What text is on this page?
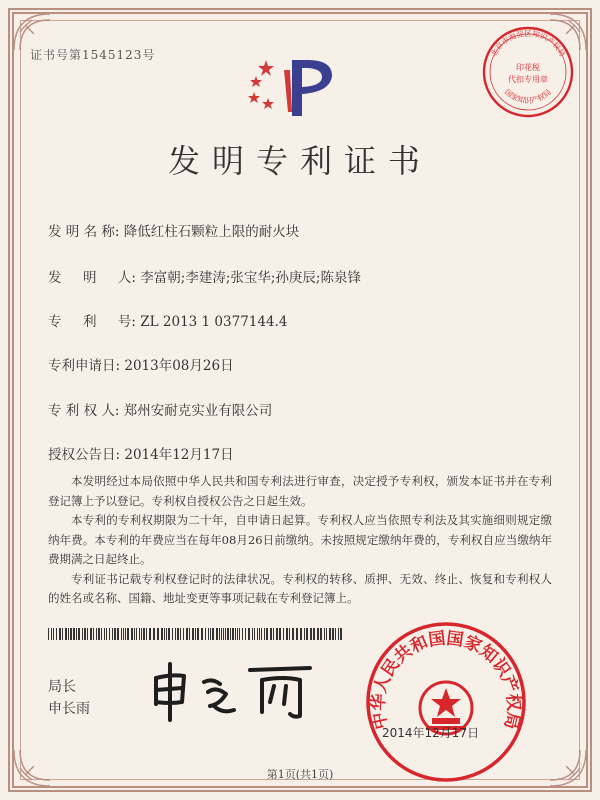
证书号第1545123号	北京市海淀区知识产权局
印花税
代扣专用章
国家知识产权局
发明专利证书
发 明 名 称: 降低红柱石颗粒上限的耐火块
发     明     人: 李富朝;李建涛;张宝华;孙庚辰;陈泉锋
专     利     号: ZL 2013 1 0377144.4
专利申请日: 2013年08月26日
专 利 权 人: 郑州安耐克实业有限公司
授权公告日: 2014年12月17日

本发明经过本局依照中华人民共和国专利法进行审查，决定授予专利权，颁发本证书并在专利登记簿上予以登记。专利权自授权公告之日起生效。

本专利的专利权期限为二十年，自申请日起算。专利权人应当依照专利法及其实施细则规定缴纳年费。本专利的年费应当在每年08月26日前缴纳。未按照规定缴纳年费的，专利权自应当缴纳年费期满之日起终止。

专利证书记载专利权登记时的法律状况。专利权的转移、质押、无效、终止、恢复和专利权人的姓名或名称、国籍、地址变更等事项记载在专利登记簿上。

局长
申长雨
中华人民共和国国家知识产权局
2014年12月17日
第1页(共1页)
